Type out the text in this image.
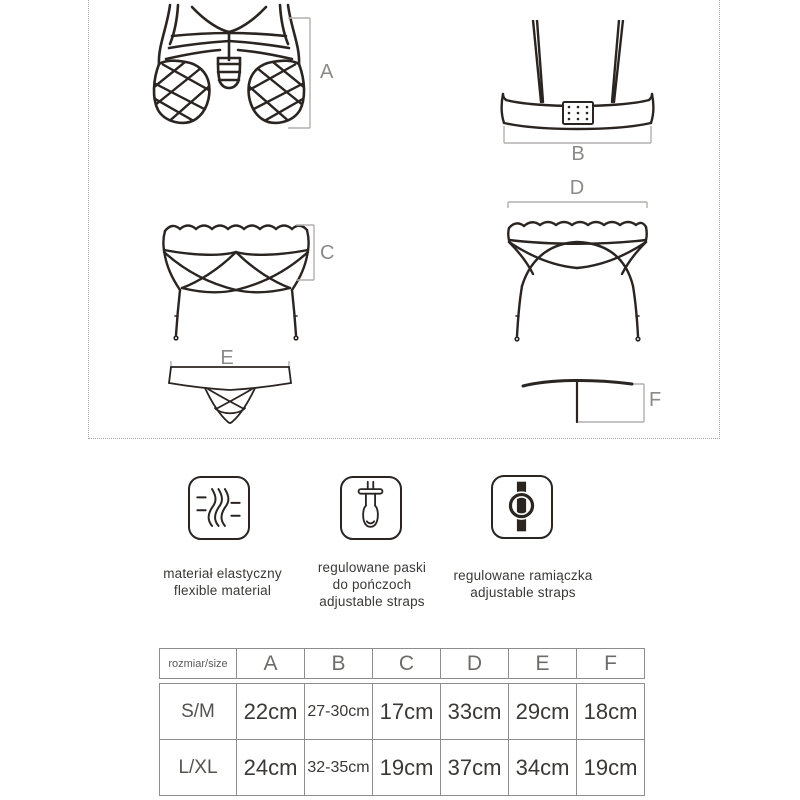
A
B
C
D
E
F
materiał elastyczny
flexible material
regulowane paski
do pończoch
adjustable straps
regulowane ramiączka
adjustable straps
rozmiar/size	A	B	C	D	E	F
S/M	22cm	27-30cm	17cm	33cm	29cm	18cm
L/XL	24cm	32-35cm	19cm	37cm	34cm	19cm
